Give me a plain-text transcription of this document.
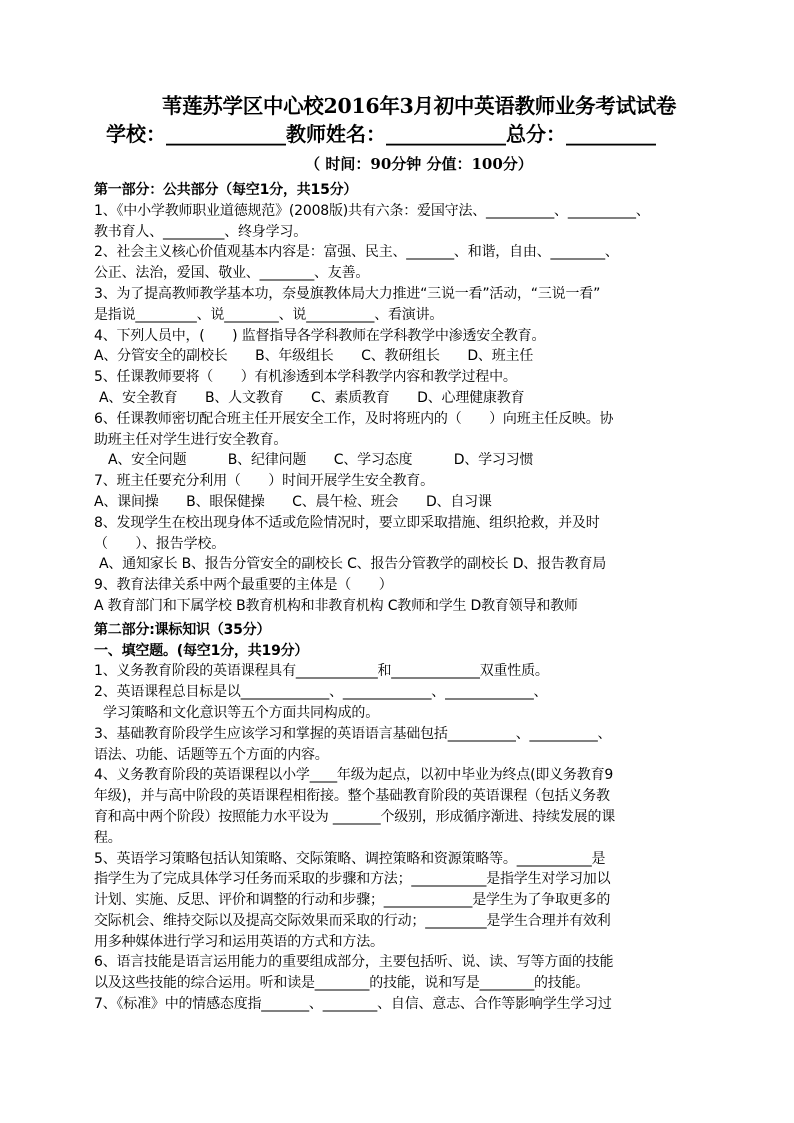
苇莲苏学区中心校2016年3月初中英语教师业务考试试卷
学校：____________教师姓名：____________总分：_________
（ 时间：90分钟 分值：100分）
第一部分：公共部分（每空1分，共15分）
1、《中小学教师职业道德规范》(2008版)共有六条：爱国守法、__________、__________、
教书育人、_________、终身学习。
2、社会主义核心价值观基本内容是：富强、民主、_______、和谐，自由、________、
公正、法治，爱国、敬业、________、友善。
3、为了提高教师教学基本功，奈曼旗教体局大力推进“三说一看”活动，“三说一看”
是指说_________、说________、说__________、看演讲。
4、下列人员中，(　　) 监督指导各学科教师在学科教学中渗透安全教育。
A、分管安全的副校长　　B、年级组长　　C、教研组长　　D、班主任
5、任课教师要将（　　）有机渗透到本学科教学内容和教学过程中。
A、安全教育　　B、人文教育　　C、素质教育　　D、心理健康教育
6、任课教师密切配合班主任开展安全工作，及时将班内的（　　）向班主任反映。协
助班主任对学生进行安全教育。
A、安全问题　　　B、纪律问题　　C、学习态度　　　D、学习习惯
7、班主任要充分利用（　　）时间开展学生安全教育。
A、课间操　　B、眼保健操　　C、晨午检、班会　　D、自习课
8、发现学生在校出现身体不适或危险情况时，要立即采取措施、组织抢救，并及时
（　　）、报告学校。
A、通知家长 B、报告分管安全的副校长 C、报告分管教学的副校长 D、报告教育局
9、教育法律关系中两个最重要的主体是（　　）
A 教育部门和下属学校 B教育机构和非教育机构 C教师和学生 D教育领导和教师
第二部分:课标知识（35分）
一、填空题。(每空1分，共19分）
1、义务教育阶段的英语课程具有____________和_____________双重性质。
2、英语课程总目标是以_____________、_____________、_____________、
学习策略和文化意识等五个方面共同构成的。
3、基础教育阶段学生应该学习和掌握的英语语言基础包括__________、__________、
语法、功能、话题等五个方面的内容。
4、义务教育阶段的英语课程以小学____年级为起点，以初中毕业为终点(即义务教育9
年级)，并与高中阶段的英语课程相衔接。整个基础教育阶段的英语课程（包括义务教
育和高中两个阶段）按照能力水平设为 _______个级别，形成循序渐进、持续发展的课
程。
5、英语学习策略包括认知策略、交际策略、调控策略和资源策略等。___________是
指学生为了完成具体学习任务而采取的步骤和方法；___________是指学生对学习加以
计划、实施、反思、评价和调整的行动和步骤；_____________是学生为了争取更多的
交际机会、维持交际以及提高交际效果而采取的行动；_________是学生合理并有效利
用多种媒体进行学习和运用英语的方式和方法。
6、语言技能是语言运用能力的重要组成部分，主要包括听、说、读、写等方面的技能
以及这些技能的综合运用。听和读是________的技能，说和写是________的技能。
7、《标准》中的情感态度指_______、________、自信、意志、合作等影响学生学习过
